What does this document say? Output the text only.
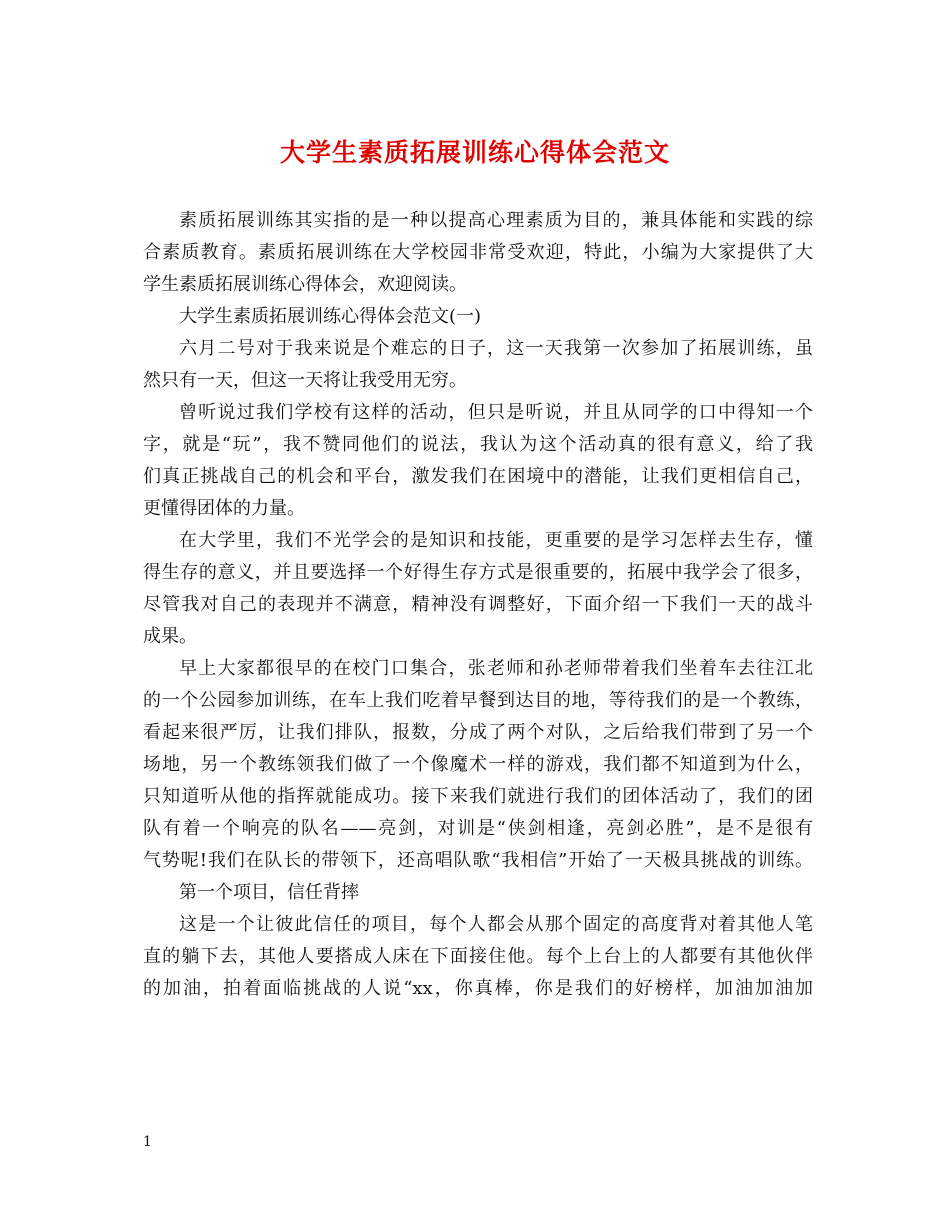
大学生素质拓展训练心得体会范文

素质拓展训练其实指的是一种以提高心理素质为目的，兼具体能和实践的综

合素质教育。素质拓展训练在大学校园非常受欢迎，特此，小编为大家提供了大

学生素质拓展训练心得体会，欢迎阅读。

大学生素质拓展训练心得体会范文(一)

六月二号对于我来说是个难忘的日子，这一天我第一次参加了拓展训练，虽

然只有一天，但这一天将让我受用无穷。

曾听说过我们学校有这样的活动，但只是听说，并且从同学的口中得知一个

字，就是“玩”，我不赞同他们的说法，我认为这个活动真的很有意义，给了我

们真正挑战自己的机会和平台，激发我们在困境中的潜能，让我们更相信自己，

更懂得团体的力量。

在大学里，我们不光学会的是知识和技能，更重要的是学习怎样去生存，懂

得生存的意义，并且要选择一个好得生存方式是很重要的，拓展中我学会了很多，

尽管我对自己的表现并不满意，精神没有调整好，下面介绍一下我们一天的战斗

成果。

早上大家都很早的在校门口集合，张老师和孙老师带着我们坐着车去往江北

的一个公园参加训练，在车上我们吃着早餐到达目的地，等待我们的是一个教练，

看起来很严厉，让我们排队，报数，分成了两个对队，之后给我们带到了另一个

场地，另一个教练领我们做了一个像魔术一样的游戏，我们都不知道到为什么，

只知道听从他的指挥就能成功。接下来我们就进行我们的团体活动了，我们的团

队有着一个响亮的队名——亮剑，对训是“侠剑相逢，亮剑必胜”，是不是很有

气势呢!我们在队长的带领下，还高唱队歌“我相信”开始了一天极具挑战的训练。

第一个项目，信任背摔

这是一个让彼此信任的项目，每个人都会从那个固定的高度背对着其他人笔

直的躺下去，其他人要搭成人床在下面接住他。每个上台上的人都要有其他伙伴

的加油，拍着面临挑战的人说“xx，你真棒，你是我们的好榜样，加油加油加

1
